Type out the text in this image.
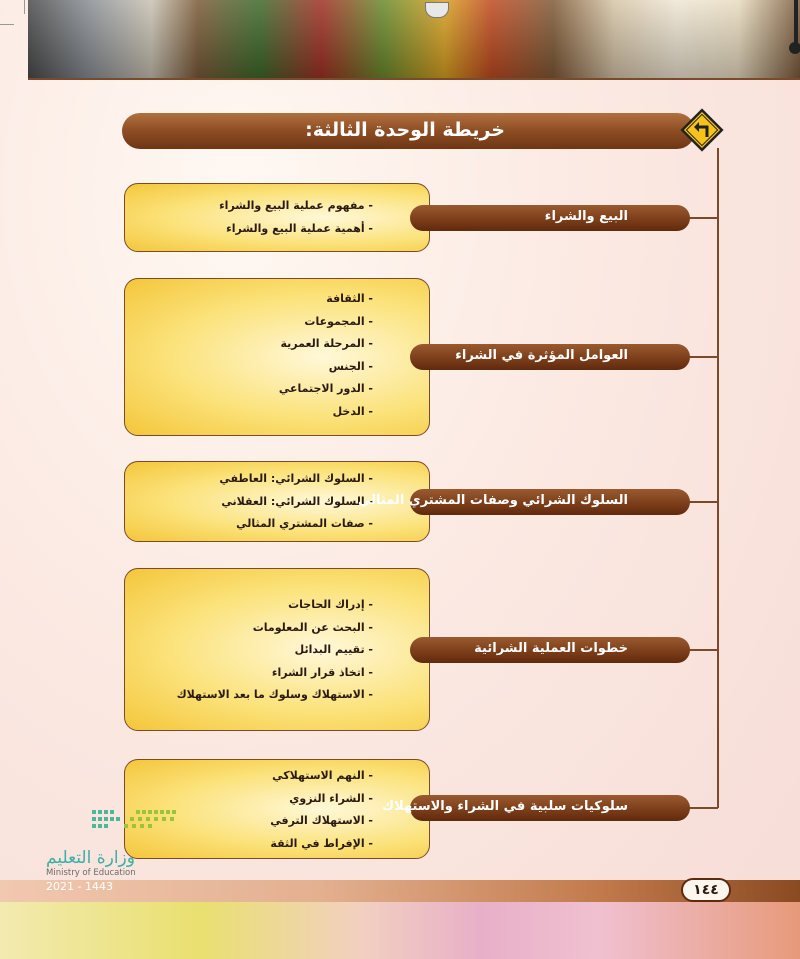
خريطة الوحدة الثالثة:
- مفهوم عملية البيع والشراء
- أهمية عملية البيع والشراء
البيع والشراء
- الثقافة
- المجموعات
- المرحلة العمرية
- الجنس
- الدور الاجتماعي
- الدخل
العوامل المؤثرة في الشراء
- السلوك الشرائي: العاطفي
- السلوك الشرائي: العقلاني
- صفات المشتري المثالي
السلوك الشرائي وصفات المشتري المثالي
- إدراك الحاجات
- البحث عن المعلومات
- تقييم البدائل
- اتخاذ قرار الشراء
- الاستهلاك وسلوك ما بعد الاستهلاك
خطوات العملية الشرائية
- النهم الاستهلاكي
- الشراء النزوي
- الاستهلاك الترفي
- الإفراط في الثقة
سلوكيات سلبية في الشراء والاستهلاك
وزارة التعليم
Ministry of Education
2021 - 1443	١٤٤
